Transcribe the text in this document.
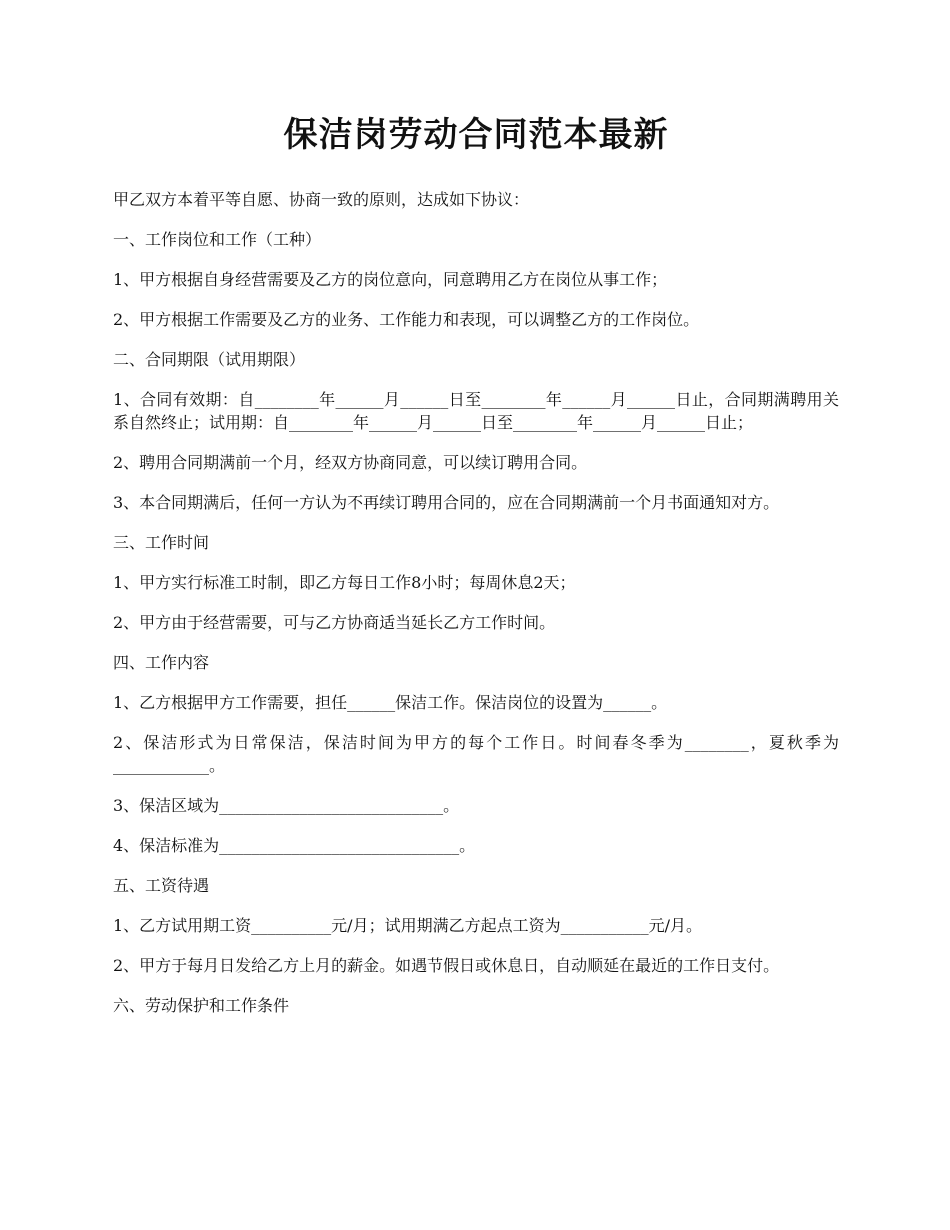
保洁岗劳动合同范本最新

甲乙双方本着平等自愿、协商一致的原则，达成如下协议：

一、工作岗位和工作（工种）

1、甲方根据自身经营需要及乙方的岗位意向，同意聘用乙方在岗位从事工作；

2、甲方根据工作需要及乙方的业务、工作能力和表现，可以调整乙方的工作岗位。

二、合同期限（试用期限）

1、合同有效期：自________年______月______日至________年______月______日止，合同期满聘用关系自然终止；试用期：自________年______月______日至________年______月______日止；

2、聘用合同期满前一个月，经双方协商同意，可以续订聘用合同。

3、本合同期满后，任何一方认为不再续订聘用合同的，应在合同期满前一个月书面通知对方。

三、工作时间

1、甲方实行标准工时制，即乙方每日工作8小时；每周休息2天；

2、甲方由于经营需要，可与乙方协商适当延长乙方工作时间。

四、工作内容

1、乙方根据甲方工作需要，担任______保洁工作。保洁岗位的设置为______。

2、保洁形式为日常保洁，保洁时间为甲方的每个工作日。时间春冬季为________，夏秋季为____________。

3、保洁区域为____________________________。

4、保洁标准为______________________________。

五、工资待遇

1、乙方试用期工资__________元/月；试用期满乙方起点工资为___________元/月。

2、甲方于每月日发给乙方上月的薪金。如遇节假日或休息日，自动顺延在最近的工作日支付。

六、劳动保护和工作条件
